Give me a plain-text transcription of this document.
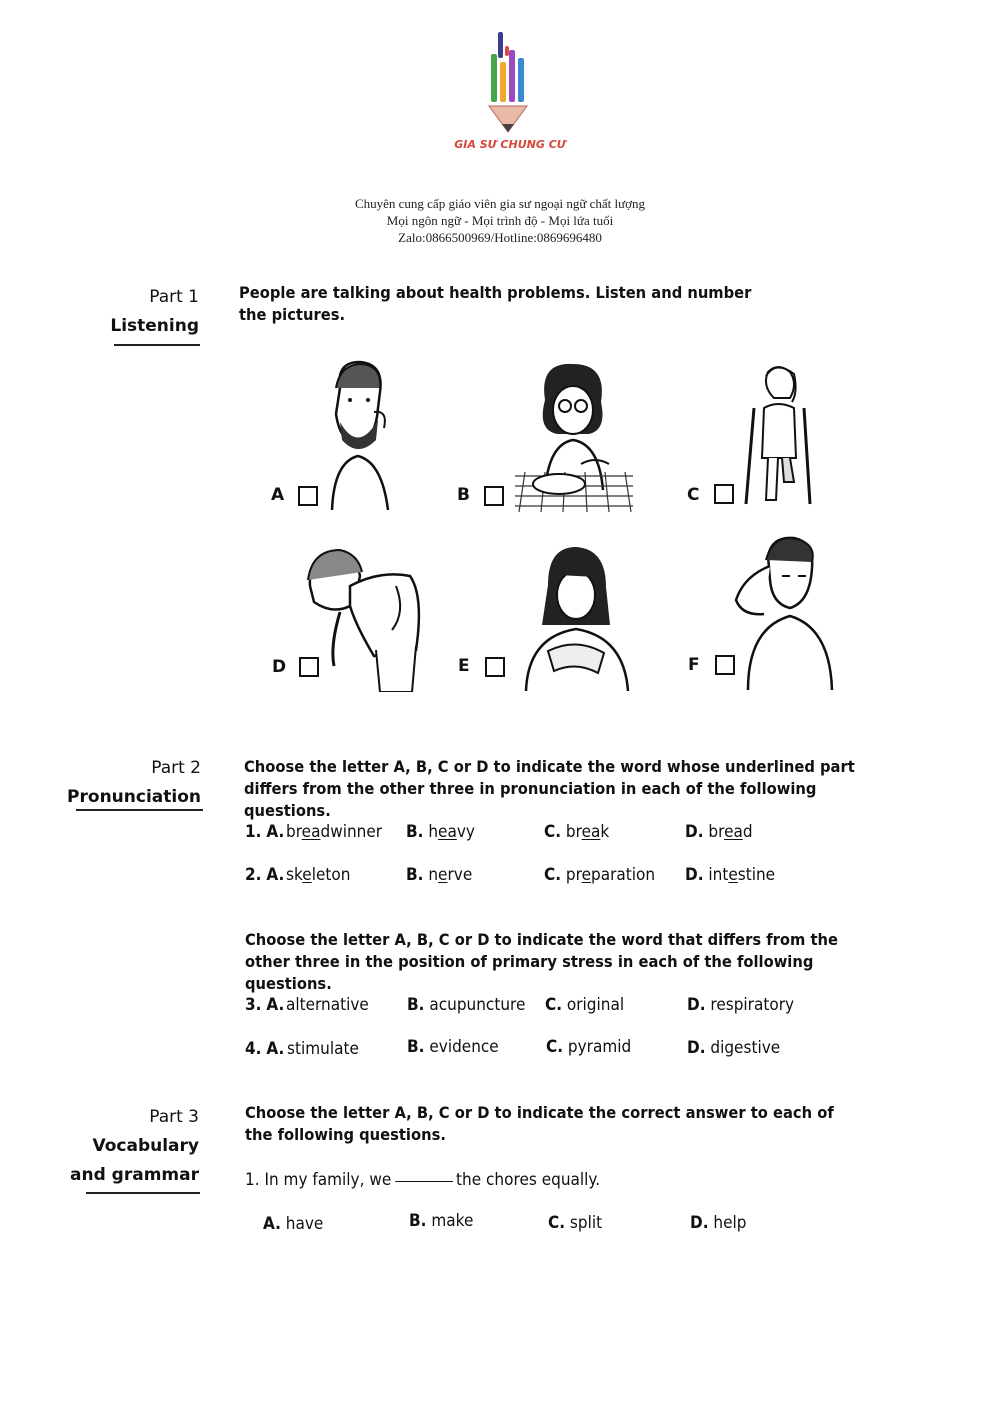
GIA SƯ CHUNG CƯ
Chuyên cung cấp giáo viên gia sư ngoại ngữ chất lượng
Mọi ngôn ngữ - Mọi trình độ - Mọi lứa tuổi
Zalo:0866500969/Hotline:0869696480
Part 1
Listening
People are talking about health problems. Listen and number the pictures.
A	B	C
D	E	F
Part 2
Pronunciation
Choose the letter A, B, C or D to indicate the word whose underlined part differs from the other three in pronunciation in each of the following questions.
1. A. breadwinner B. heavy	C. break	D. bread
2. A. skeleton	B. nerve	C. preparation D. intestine
Choose the letter A, B, C or D to indicate the word that differs from the other three in the position of primary stress in each of the following questions.
3. A. alternative B. acupuncture C. original	D. respiratory
4. A. stimulate	B. evidence	C. pyramid	D. digestive
Part 3
Vocabulary
and grammar
Choose the letter A, B, C or D to indicate the correct answer to each of the following questions.
1. In my family, we	the chores equally.
A. have	B. make	C. split	D. help
